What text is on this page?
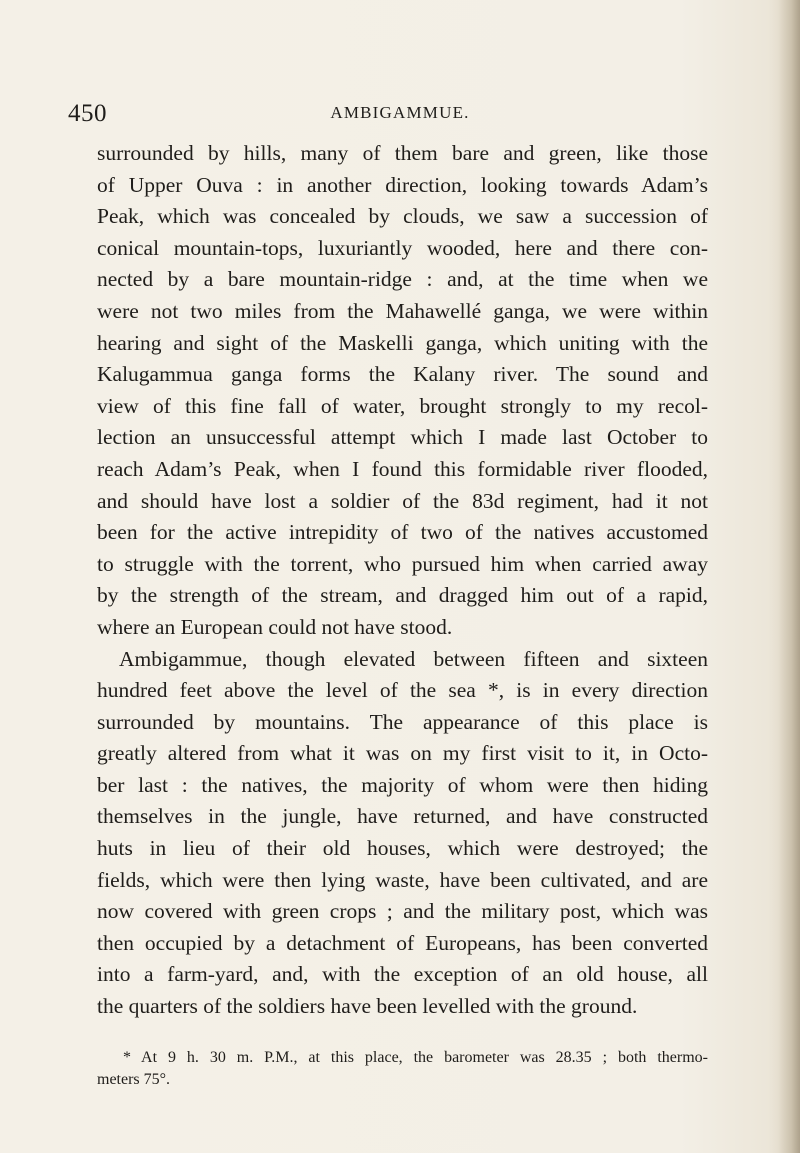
450	AMBIGAMMUE.
surrounded by hills, many of them bare and green, like those
of Upper Ouva : in another direction, looking towards Adam’s
Peak, which was concealed by clouds, we saw a succession of
conical mountain-tops, luxuriantly wooded, here and there con-
nected by a bare mountain-ridge : and, at the time when we
were not two miles from the Mahawellé ganga, we were within
hearing and sight of the Maskelli ganga, which uniting with the
Kalugammua ganga forms the Kalany river. The sound and
view of this fine fall of water, brought strongly to my recol-
lection an unsuccessful attempt which I made last October to
reach Adam’s Peak, when I found this formidable river flooded,
and should have lost a soldier of the 83d regiment, had it not
been for the active intrepidity of two of the natives accustomed
to struggle with the torrent, who pursued him when carried away
by the strength of the stream, and dragged him out of a rapid,
where an European could not have stood.
Ambigammue, though elevated between fifteen and sixteen
hundred feet above the level of the sea *, is in every direction
surrounded by mountains. The appearance of this place is
greatly altered from what it was on my first visit to it, in Octo-
ber last : the natives, the majority of whom were then hiding
themselves in the jungle, have returned, and have constructed
huts in lieu of their old houses, which were destroyed; the
fields, which were then lying waste, have been cultivated, and are
now covered with green crops ; and the military post, which was
then occupied by a detachment of Europeans, has been converted
into a farm-yard, and, with the exception of an old house, all
the quarters of the soldiers have been levelled with the ground.
* At 9 h. 30 m. P.M., at this place, the barometer was 28.35 ; both thermo-
meters 75°.
